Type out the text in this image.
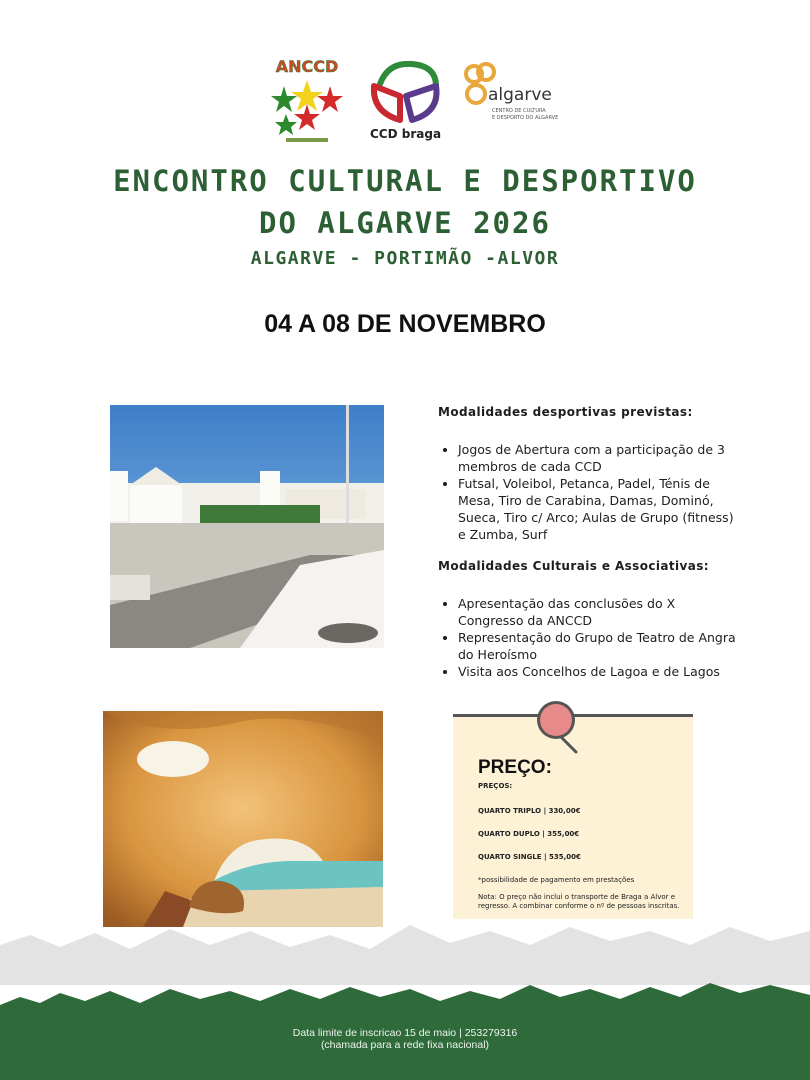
ANCCD
CCD braga
algarve
CENTRO DE CULTURA
E DESPORTO DO ALGARVE
ENCONTRO CULTURAL E DESPORTIVO
DO ALGARVE 2026
ALGARVE - PORTIMÃO -ALVOR
04 A 08 DE NOVEMBRO
Modalidades desportivas previstas:
• Jogos de Abertura com a participação de 3 membros de cada CCD
• Futsal, Voleibol, Petanca, Padel, Ténis de Mesa, Tiro de Carabina, Damas, Dominó, Sueca, Tiro c/ Arco; Aulas de Grupo (fitness) e Zumba, Surf
Modalidades Culturais e Associativas:
• Apresentação das conclusões do X Congresso da ANCCD
• Representação do Grupo de Teatro de Angra do Heroísmo
• Visita aos Concelhos de Lagoa e de Lagos
PREÇO:

PREÇOS:

QUARTO TRIPLO | 330,00€

QUARTO DUPLO | 355,00€

QUARTO SINGLE | 535,00€

*possibilidade de pagamento em prestações

Nota: O preço não inclui o transporte de Braga a Alvor e regresso. A combinar conforme o nº de pessoas inscritas.

Data limite de inscricao 15 de maio | 253279316
(chamada para a rede fixa nacional)
